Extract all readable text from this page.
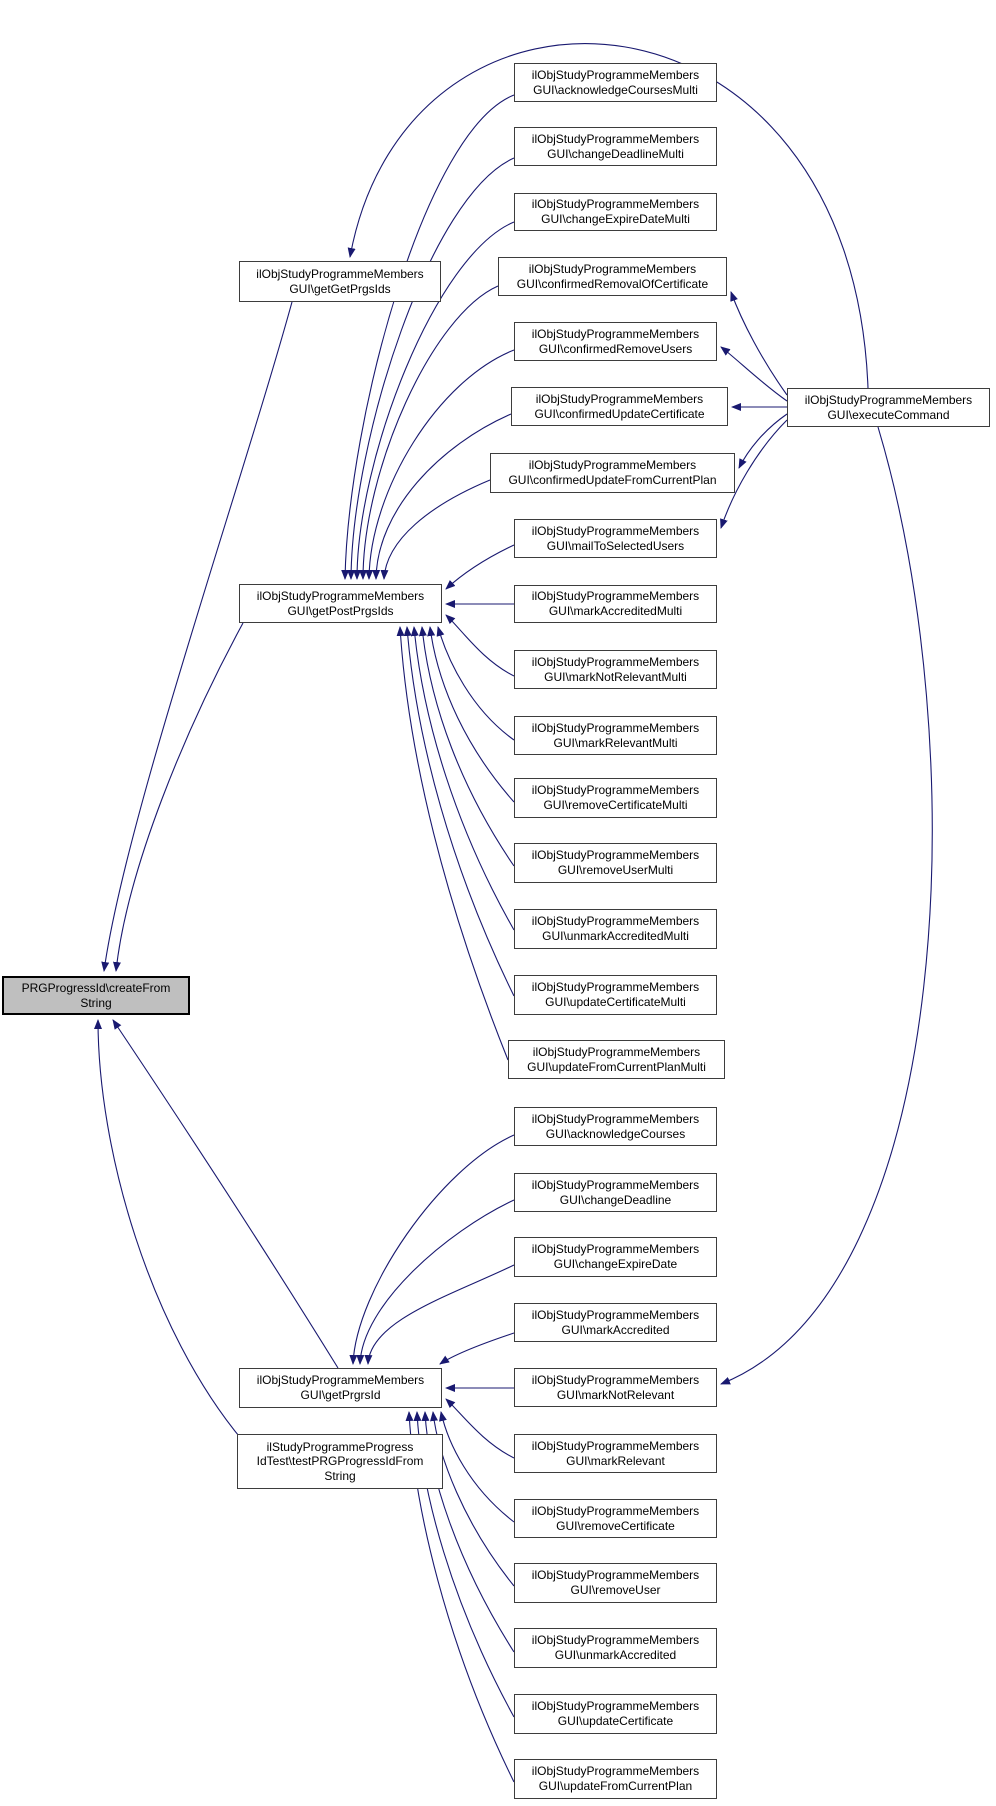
PRGProgressId\createFrom
String
ilObjStudyProgrammeMembers
GUI\getGetPrgsIds
ilObjStudyProgrammeMembers
GUI\getPostPrgsIds
ilObjStudyProgrammeMembers
GUI\getPrgrsId
ilStudyProgrammeProgress
IdTest\testPRGProgressIdFrom
String
ilObjStudyProgrammeMembers
GUI\executeCommand
ilObjStudyProgrammeMembers
GUI\acknowledgeCoursesMulti
ilObjStudyProgrammeMembers
GUI\changeDeadlineMulti
ilObjStudyProgrammeMembers
GUI\changeExpireDateMulti
ilObjStudyProgrammeMembers
GUI\confirmedRemovalOfCertificate
ilObjStudyProgrammeMembers
GUI\confirmedRemoveUsers
ilObjStudyProgrammeMembers
GUI\confirmedUpdateCertificate
ilObjStudyProgrammeMembers
GUI\confirmedUpdateFromCurrentPlan
ilObjStudyProgrammeMembers
GUI\mailToSelectedUsers
ilObjStudyProgrammeMembers
GUI\markAccreditedMulti
ilObjStudyProgrammeMembers
GUI\markNotRelevantMulti
ilObjStudyProgrammeMembers
GUI\markRelevantMulti
ilObjStudyProgrammeMembers
GUI\removeCertificateMulti
ilObjStudyProgrammeMembers
GUI\removeUserMulti
ilObjStudyProgrammeMembers
GUI\unmarkAccreditedMulti
ilObjStudyProgrammeMembers
GUI\updateCertificateMulti
ilObjStudyProgrammeMembers
GUI\updateFromCurrentPlanMulti
ilObjStudyProgrammeMembers
GUI\acknowledgeCourses
ilObjStudyProgrammeMembers
GUI\changeDeadline
ilObjStudyProgrammeMembers
GUI\changeExpireDate
ilObjStudyProgrammeMembers
GUI\markAccredited
ilObjStudyProgrammeMembers
GUI\markNotRelevant
ilObjStudyProgrammeMembers
GUI\markRelevant
ilObjStudyProgrammeMembers
GUI\removeCertificate
ilObjStudyProgrammeMembers
GUI\removeUser
ilObjStudyProgrammeMembers
GUI\unmarkAccredited
ilObjStudyProgrammeMembers
GUI\updateCertificate
ilObjStudyProgrammeMembers
GUI\updateFromCurrentPlan
